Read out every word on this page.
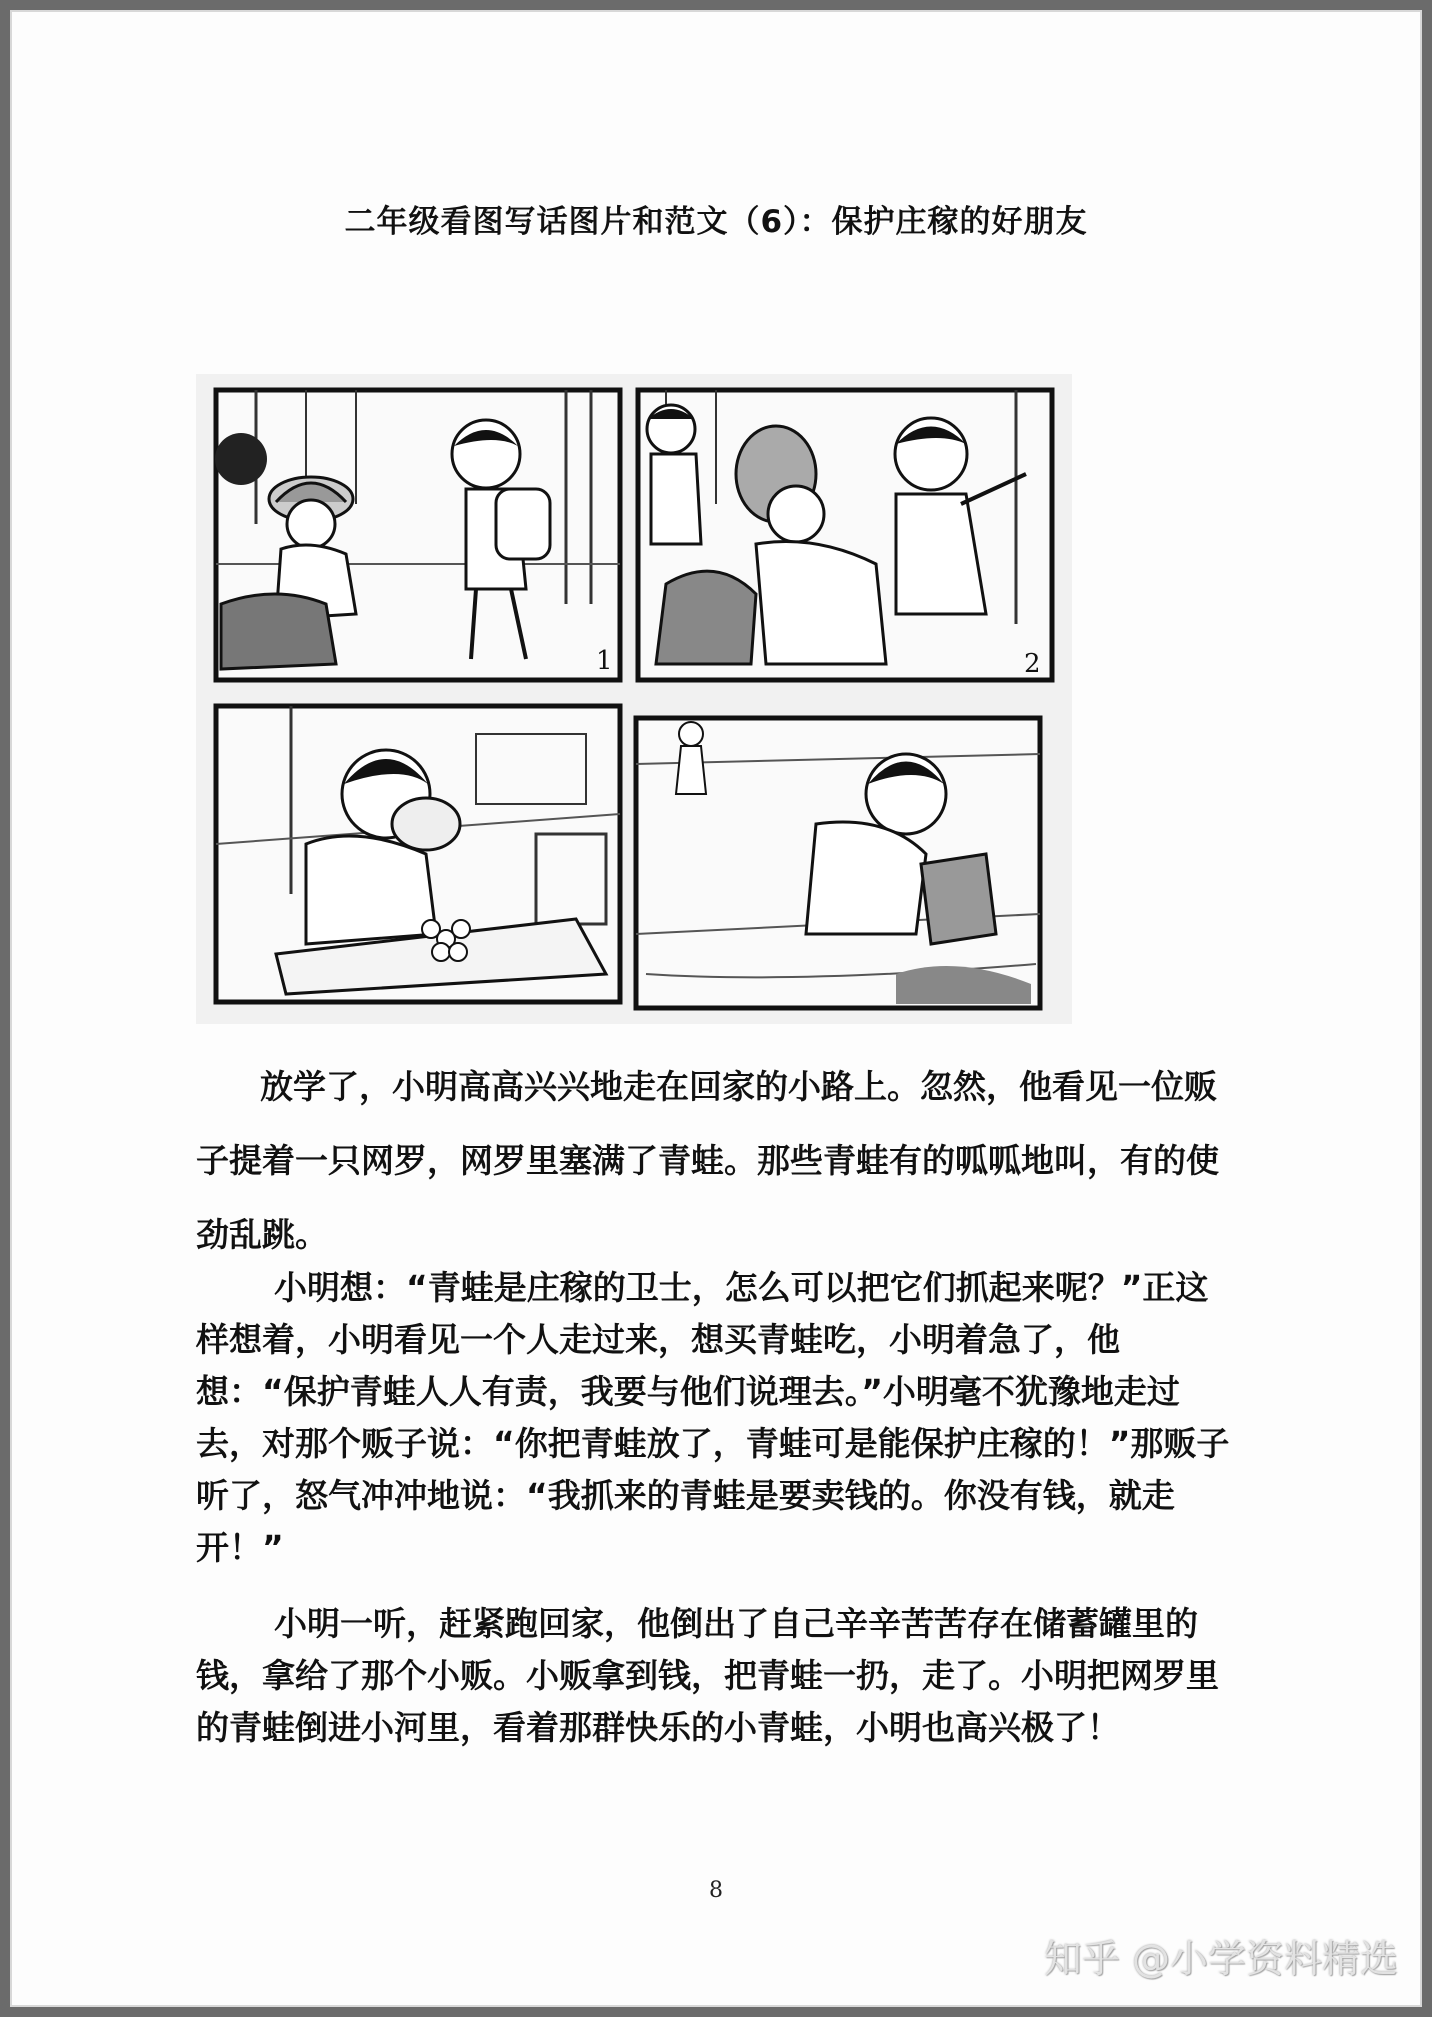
二年级看图写话图片和范文（6）：保护庄稼的好朋友
1	2
放学了，小明高高兴兴地走在回家的小路上。忽然，他看见一位贩子提着一只网罗，网罗里塞满了青蛙。那些青蛙有的呱呱地叫，有的使劲乱跳。
小明想：“青蛙是庄稼的卫士，怎么可以把它们抓起来呢？”正这样想着，小明看见一个人走过来，想买青蛙吃，小明着急了，他想：“保护青蛙人人有责，我要与他们说理去。”小明毫不犹豫地走过去，对那个贩子说：“你把青蛙放了，青蛙可是能保护庄稼的！”那贩子听了，怒气冲冲地说：“我抓来的青蛙是要卖钱的。你没有钱，就走开！”
小明一听，赶紧跑回家，他倒出了自己辛辛苦苦存在储蓄罐里的钱，拿给了那个小贩。小贩拿到钱，把青蛙一扔，走了。小明把网罗里的青蛙倒进小河里，看着那群快乐的小青蛙，小明也高兴极了！
8
知乎 @小学资料精选
